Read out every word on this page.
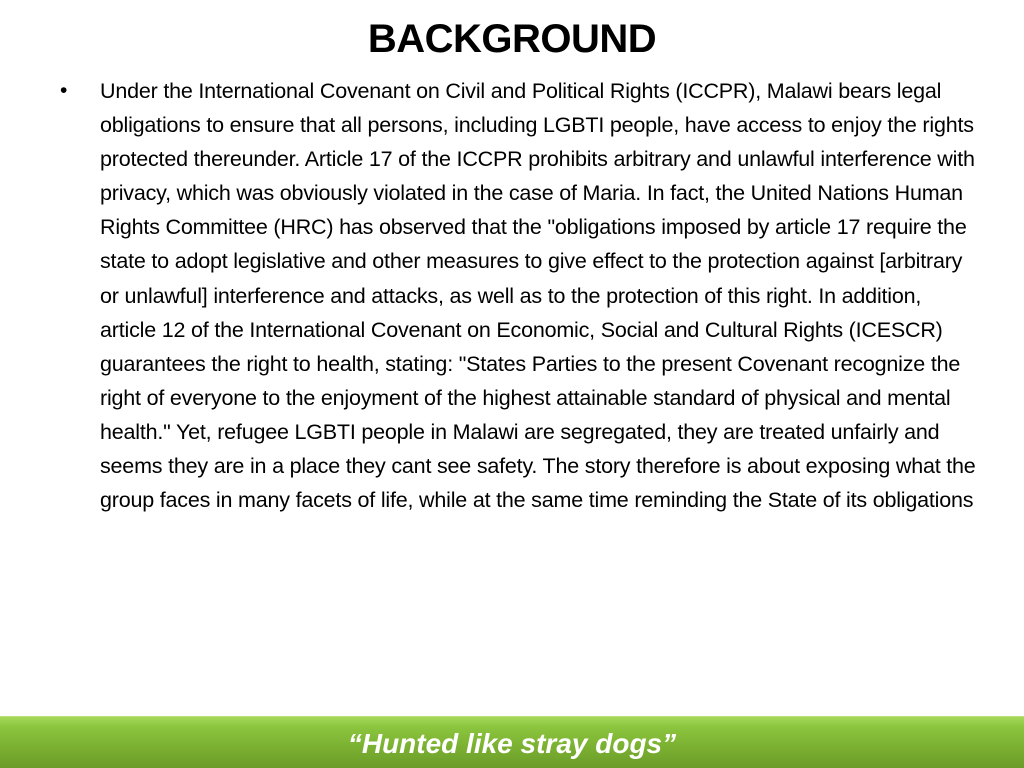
BACKGROUND
•	Under the International Covenant on Civil and Political Rights (ICCPR), Malawi bears legal obligations to ensure that all persons, including LGBTI people, have access to enjoy the rights protected thereunder. Article 17 of the ICCPR prohibits arbitrary and unlawful interference with privacy, which was obviously violated in the case of Maria. In fact, the United Nations Human Rights Committee (HRC) has observed that the "obligations imposed by article 17 require the state to adopt legislative and other measures to give effect to the protection against [arbitrary or unlawful] interference and attacks, as well as to the protection of this right. In addition, article 12 of the International Covenant on Economic, Social and Cultural Rights (ICESCR) guarantees the right to health, stating: "States Parties to the present Covenant recognize the right of everyone to the enjoyment of the highest attainable standard of physical and mental health." Yet, refugee LGBTI people in Malawi are segregated, they are treated unfairly and seems they are in a place they cant see safety. The story therefore is about exposing what the group faces in many facets of life, while at the same time reminding the State of its obligations
“Hunted like stray dogs”
